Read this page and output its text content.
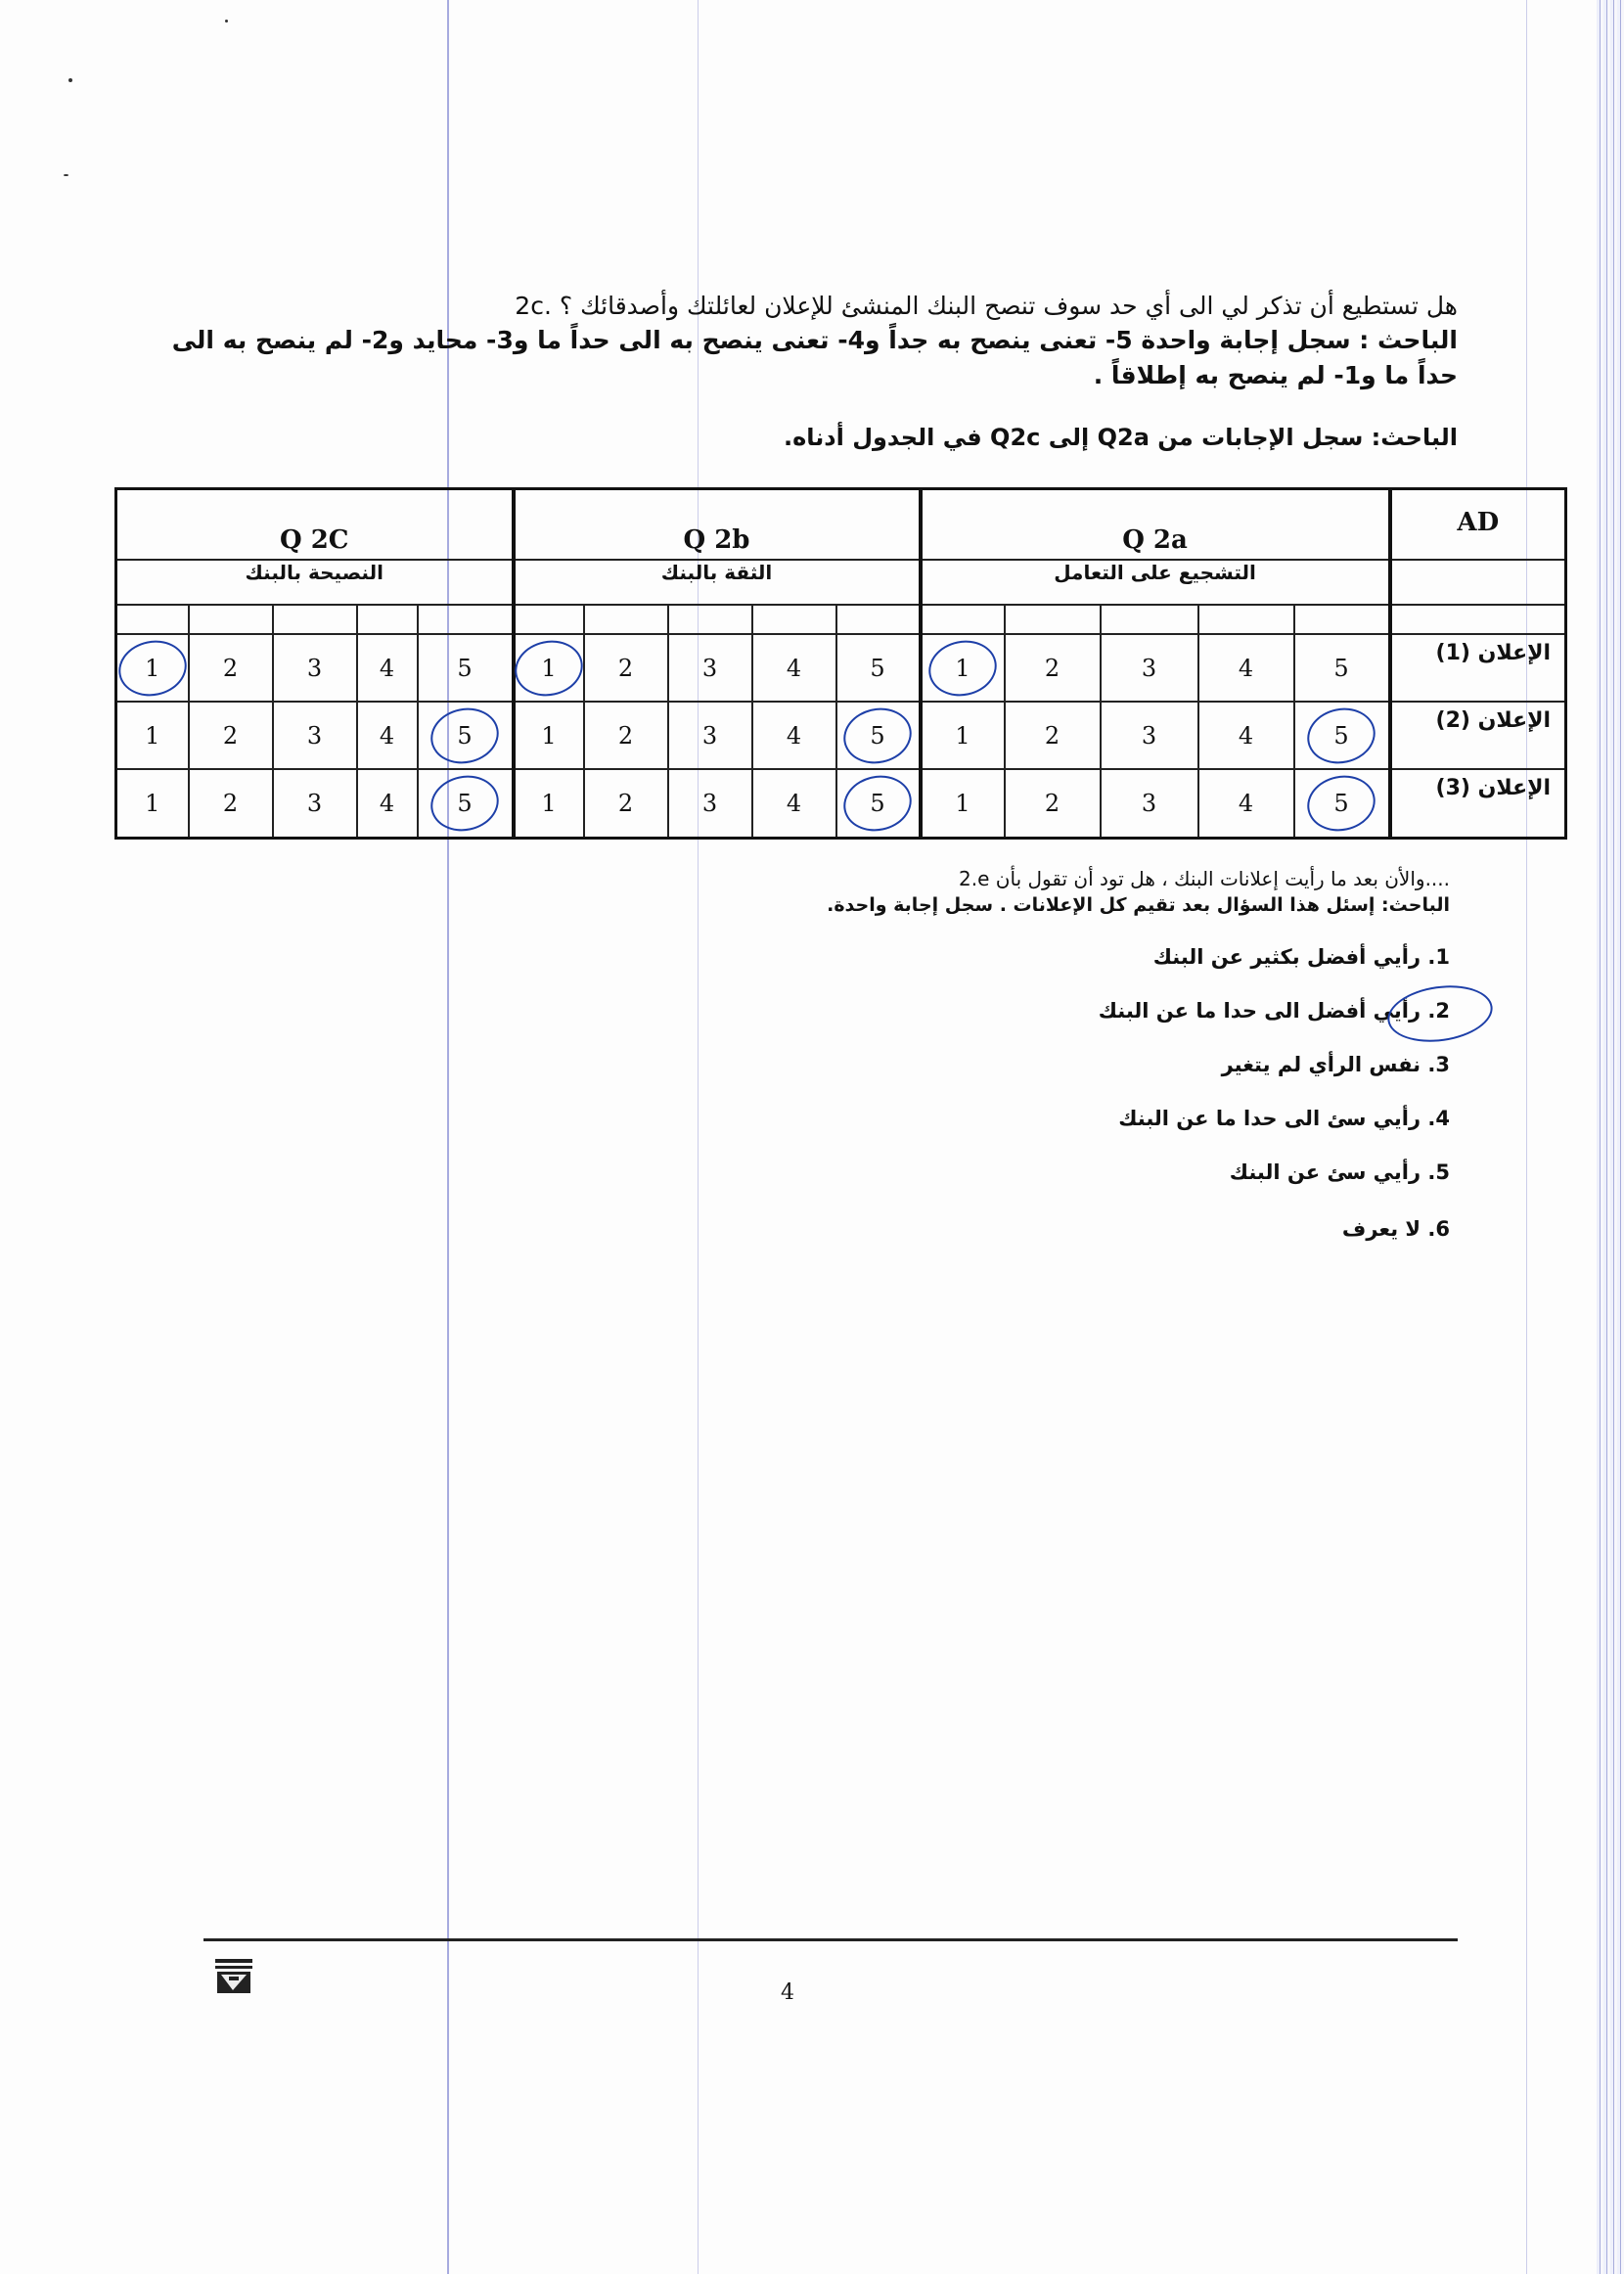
2c. هل تستطيع أن تذكر لي الى أي حد سوف تنصح البنك المنشئ للإعلان لعائلتك وأصدقائك ؟
الباحث : سجل إجابة واحدة 5- تعنى ينصح به جداً و4- تعنى ينصح به الى حداً ما و3- محايد و2- لم ينصح به الى حداً ما و1- لم ينصح به إطلاقاً .
الباحث: سجل الإجابات من Q2a إلى Q2c في الجدول أدناه.
Q 2C					Q 2b					Q 2a					AD
النصيحة بالبنك					الثقة بالبنك					التشجيع على التعامل					

1	2	3	4	5	1	2	3	4	5	1	2	3	4	5	الإعلان (1)
1	2	3	4	5	1	2	3	4	5	1	2	3	4	5	الإعلان (2)
1	2	3	4	5	1	2	3	4	5	1	2	3	4	5	الإعلان (3)
2.e والأن بعد ما رأيت إعلانات البنك ، هل تود أن تقول بأن....
الباحث: إسئل هذا السؤال بعد تقيم كل الإعلانات . سجل إجابة واحدة.
1. رأيي أفضل بكثير عن البنك
2. رأيي أفضل الى حدا ما عن البنك
3. نفس الرأي لم يتغير
4. رأيي سئ الى حدا ما عن البنك
5. رأيي سئ عن البنك
6. لا يعرف
4
